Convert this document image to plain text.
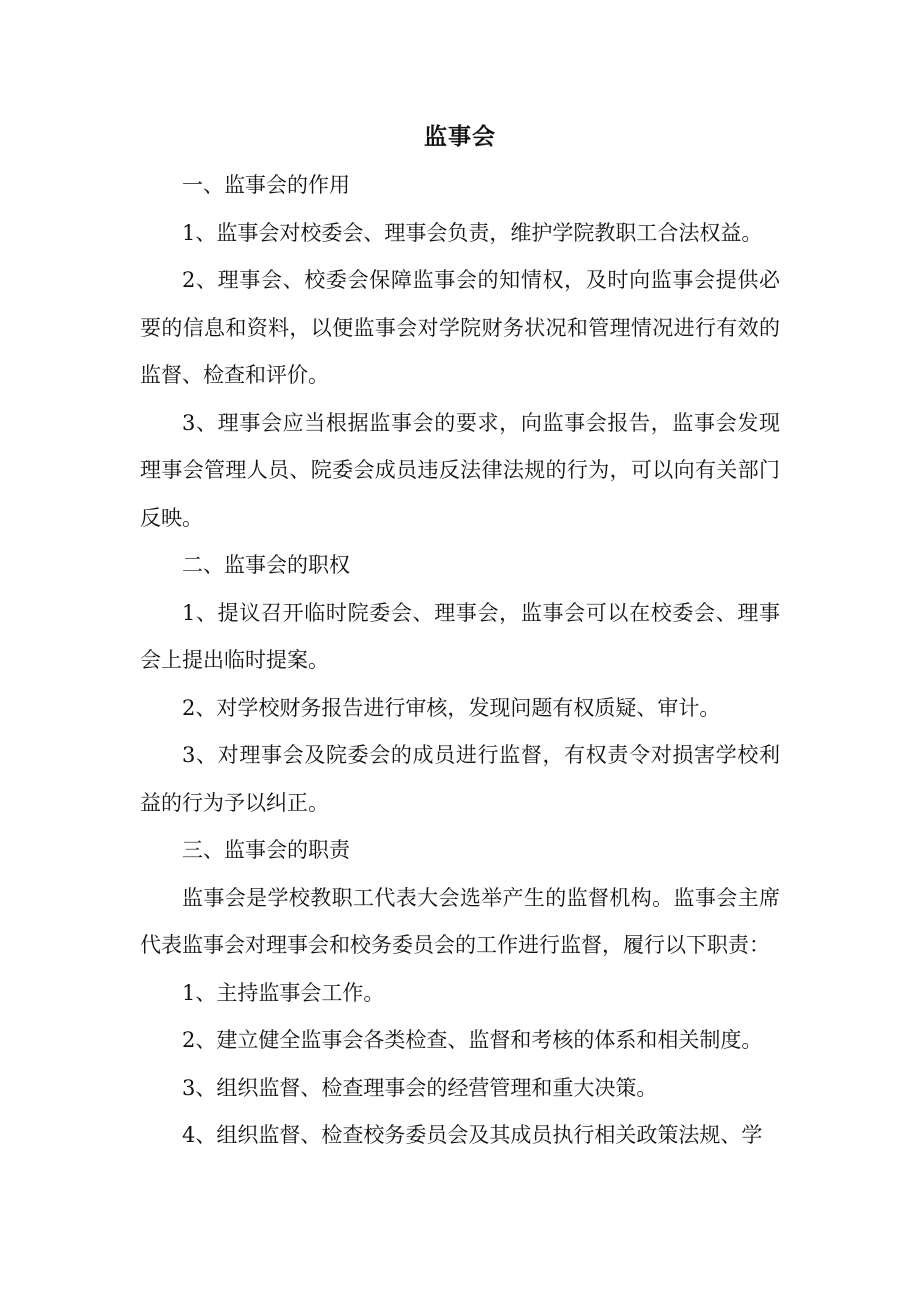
监事会

一、监事会的作用

1、监事会对校委会、理事会负责，维护学院教职工合法权益。

2、理事会、校委会保障监事会的知情权，及时向监事会提供必要的信息和资料，以便监事会对学院财务状况和管理情况进行有效的监督、检查和评价。

3、理事会应当根据监事会的要求，向监事会报告，监事会发现理事会管理人员、院委会成员违反法律法规的行为，可以向有关部门反映。

二、监事会的职权

1、提议召开临时院委会、理事会，监事会可以在校委会、理事会上提出临时提案。

2、对学校财务报告进行审核，发现问题有权质疑、审计。

3、对理事会及院委会的成员进行监督，有权责令对损害学校利益的行为予以纠正。

三、监事会的职责

监事会是学校教职工代表大会选举产生的监督机构。监事会主席代表监事会对理事会和校务委员会的工作进行监督，履行以下职责：

1、主持监事会工作。

2、建立健全监事会各类检查、监督和考核的体系和相关制度。

3、组织监督、检查理事会的经营管理和重大决策。

4、组织监督、检查校务委员会及其成员执行相关政策法规、学
